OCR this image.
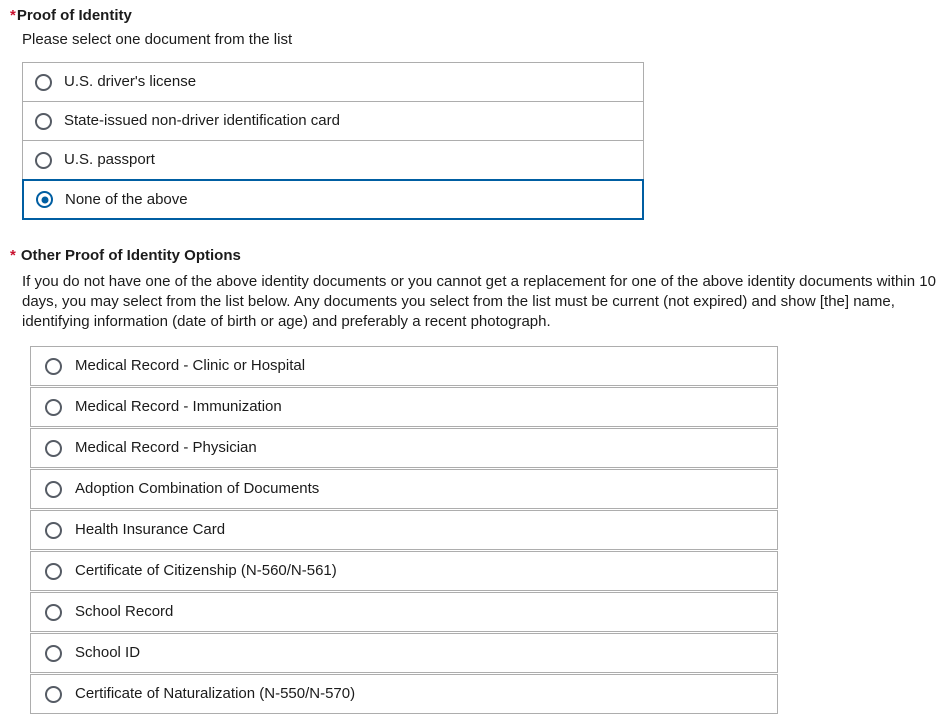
* Proof of Identity
Please select one document from the list
U.S. driver's license
State-issued non-driver identification card
U.S. passport
None of the above
* Other Proof of Identity Options
If you do not have one of the above identity documents or you cannot get a replacement for one of the above identity documents within 10 days, you may select from the list below. Any documents you select from the list must be current (not expired) and show [the] name, identifying information (date of birth or age) and preferably a recent photograph.
Medical Record - Clinic or Hospital
Medical Record - Immunization
Medical Record - Physician
Adoption Combination of Documents
Health Insurance Card
Certificate of Citizenship (N-560/N-561)
School Record
School ID
Certificate of Naturalization (N-550/N-570)
